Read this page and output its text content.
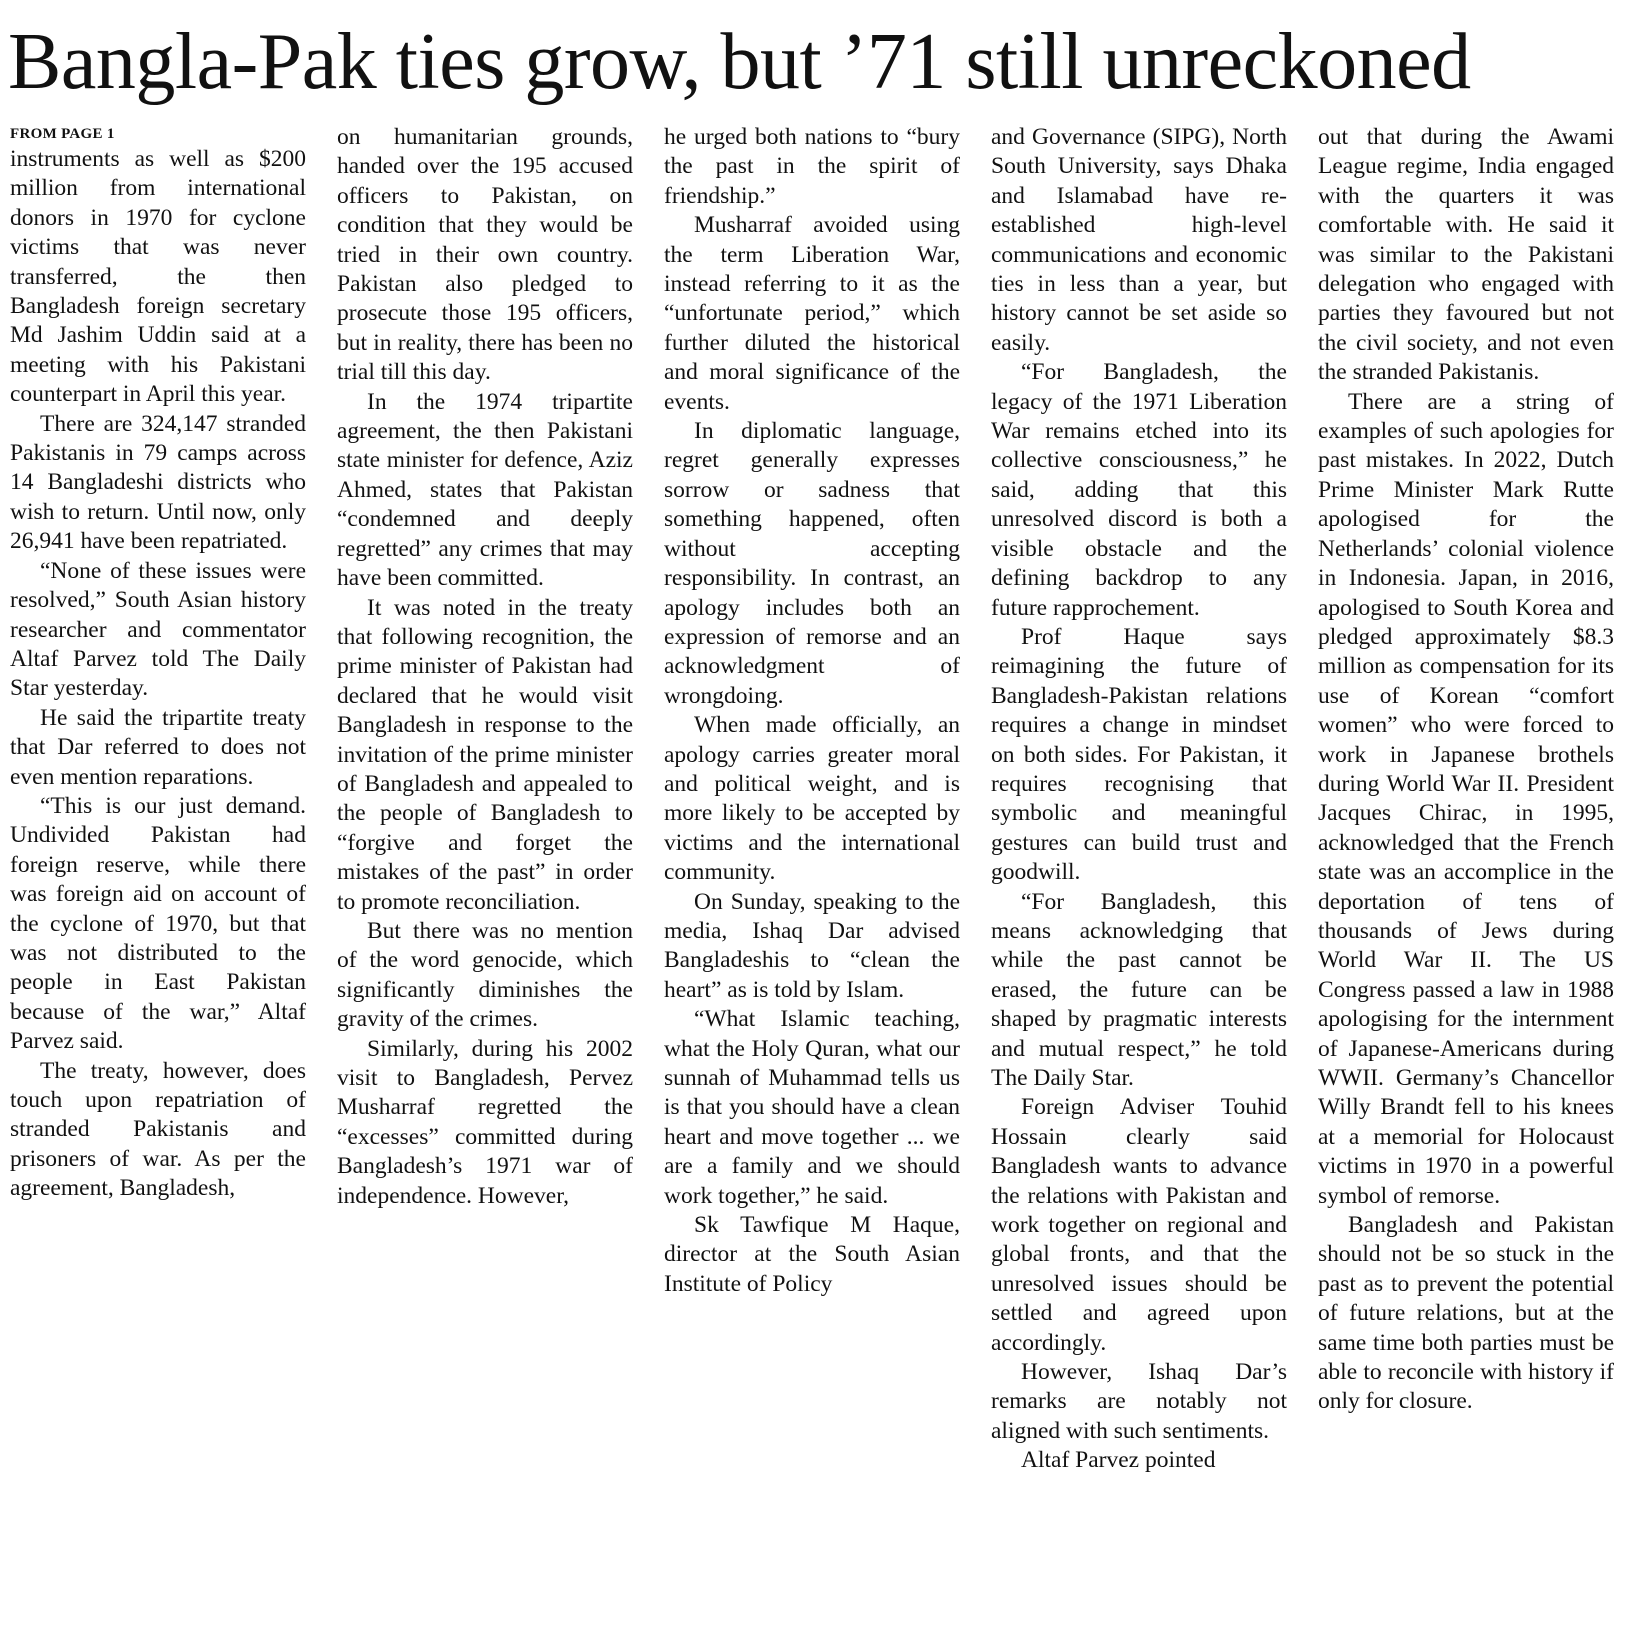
Bangla-Pak ties grow, but ’71 still unreckoned
FROM PAGE 1

instruments as well as $200 million from international donors in 1970 for cyclone victims that was never transferred, the then Bangladesh foreign secretary Md Jashim Uddin said at a meeting with his Pakistani counterpart in April this year.

There are 324,147 stranded Pakistanis in 79 camps across 14 Bangladeshi districts who wish to return. Until now, only 26,941 have been repatriated.

“None of these issues were resolved,” South Asian history researcher and commentator Altaf Parvez told The Daily Star yesterday.

He said the tripartite treaty that Dar referred to does not even mention reparations.

“This is our just demand. Undivided Pakistan had foreign reserve, while there was foreign aid on account of the cyclone of 1970, but that was not distributed to the people in East Pakistan because of the war,” Altaf Parvez said.

The treaty, however, does touch upon repatriation of stranded Pakistanis and prisoners of war. As per the agreement, Bangladesh,

on humanitarian grounds, handed over the 195 accused officers to Pakistan, on condition that they would be tried in their own country. Pakistan also pledged to prosecute those 195 officers, but in reality, there has been no trial till this day.

In the 1974 tripartite agreement, the then Pakistani state minister for defence, Aziz Ahmed, states that Pakistan “condemned and deeply regretted” any crimes that may have been committed.

It was noted in the treaty that following recognition, the prime minister of Pakistan had declared that he would visit Bangladesh in response to the invitation of the prime minister of Bangladesh and appealed to the people of Bangladesh to “forgive and forget the mistakes of the past” in order to promote reconciliation.

But there was no mention of the word genocide, which significantly diminishes the gravity of the crimes.

Similarly, during his 2002 visit to Bangladesh, Pervez Musharraf regretted the “excesses” committed during Bangladesh’s 1971 war of independence. However,

he urged both nations to “bury the past in the spirit of friendship.”

Musharraf avoided using the term Liberation War, instead referring to it as the “unfortunate period,” which further diluted the historical and moral significance of the events.

In diplomatic language, regret generally expresses sorrow or sadness that something happened, often without accepting responsibility. In contrast, an apology includes both an expression of remorse and an acknowledgment of wrongdoing.

When made officially, an apology carries greater moral and political weight, and is more likely to be accepted by victims and the international community.

On Sunday, speaking to the media, Ishaq Dar advised Bangladeshis to “clean the heart” as is told by Islam.

“What Islamic teaching, what the Holy Quran, what our sunnah of Muhammad tells us is that you should have a clean heart and move together ... we are a family and we should work together,” he said.

Sk Tawfique M Haque, director at the South Asian Institute of Policy

and Governance (SIPG), North South University, says Dhaka and Islamabad have re-established high-level communications and economic ties in less than a year, but history cannot be set aside so easily.

“For Bangladesh, the legacy of the 1971 Liberation War remains etched into its collective consciousness,” he said, adding that this unresolved discord is both a visible obstacle and the defining backdrop to any future rapprochement.

Prof Haque says reimagining the future of Bangladesh-Pakistan relations requires a change in mindset on both sides. For Pakistan, it requires recognising that symbolic and meaningful gestures can build trust and goodwill.

“For Bangladesh, this means acknowledging that while the past cannot be erased, the future can be shaped by pragmatic interests and mutual respect,” he told The Daily Star.

Foreign Adviser Touhid Hossain clearly said Bangladesh wants to advance the relations with Pakistan and work together on regional and global fronts, and that the unresolved issues should be settled and agreed upon accordingly.

However, Ishaq Dar’s remarks are notably not aligned with such sentiments.

Altaf Parvez pointed

out that during the Awami League regime, India engaged with the quarters it was comfortable with. He said it was similar to the Pakistani delegation who engaged with parties they favoured but not the civil society, and not even the stranded Pakistanis.

There are a string of examples of such apologies for past mistakes. In 2022, Dutch Prime Minister Mark Rutte apologised for the Netherlands’ colonial violence in Indonesia. Japan, in 2016, apologised to South Korea and pledged approximately $8.3 million as compensation for its use of Korean “comfort women” who were forced to work in Japanese brothels during World War II. President Jacques Chirac, in 1995, acknowledged that the French state was an accomplice in the deportation of tens of thousands of Jews during World War II. The US Congress passed a law in 1988 apologising for the internment of Japanese-Americans during WWII. Germany’s Chancellor Willy Brandt fell to his knees at a memorial for Holocaust victims in 1970 in a powerful symbol of remorse.

Bangladesh and Pakistan should not be so stuck in the past as to prevent the potential of future relations, but at the same time both parties must be able to reconcile with history if only for closure.
